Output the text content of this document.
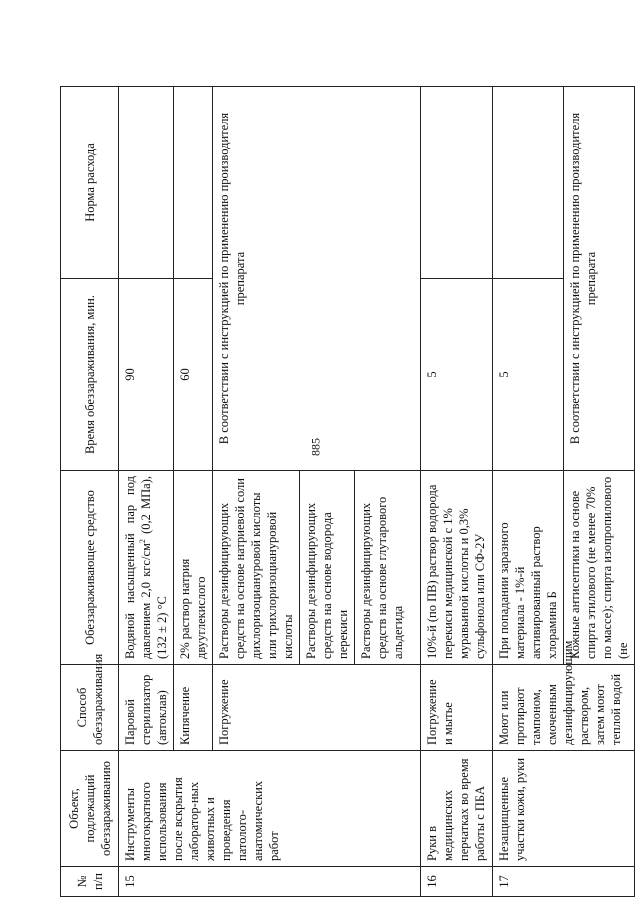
885
№ п/п	Объект, подлежащий обеззараживанию	Способ обеззараживания	Обеззараживающее средство	Время обеззараживания, мин.	Норма расхода
15	Инструменты многократного использования после вскрытия лаборатор-ных животных и проведения патолого-анатомических работ	Паровой стерилизатор (автоклав)	Водяной насыщенный пар под давлением 2,0 кгс/$см^2$ (0,2 МПа), (132 ± 2) °С	90	
		Кипячение	2% раствор натрия двууглекислого	60	
		Погружение	Растворы дезинфицирующих средств на основе натриевой соли дихлоризоциануровой кислоты или трихлоризоциануровой кислоты	В соответствии с инструкцией по применению производителя препарата	
			Растворы дезинфицирующих средств на основе водорода перекиси		
			Растворы дезинфицирующих средств на основе глутарового альдегида		
16	Руки в медицинских перчатках во время работы с ПБА	Погружение и мытье	10%-й (по ПВ) раствор водорода перекиси медицинской с 1% муравьиной кислоты и 0,3% сульфонола или СФ-2У	5	
17	Незащищенные участки кожи, руки	Моют или протирают тампоном, смоченным дезинфицирующим раствором, затем моют теплой водой	При попадании заразного материала - 1%-й активированный раствор хлорамина Б	5	
			Кожные антисептики на основе спирта этилового (не менее 70% по массе); спирта изопропилового (не	В соответствии с инструкцией по применению производителя препарата	
